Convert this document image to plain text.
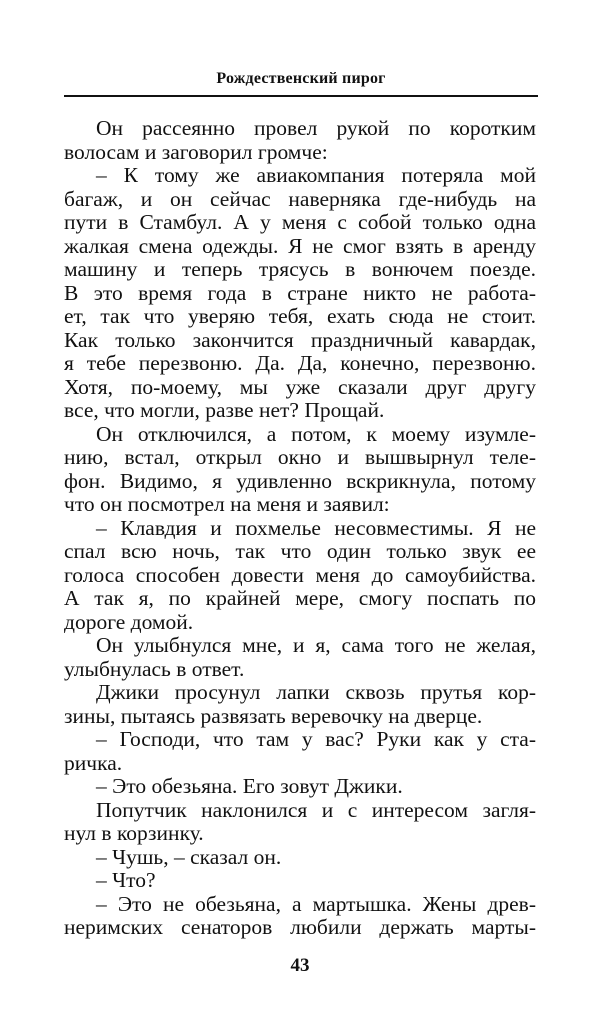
Рождественский пирог
Он рассеянно провел рукой по коротким
волосам и заговорил громче:
– К тому же авиакомпания потеряла мой
багаж, и он сейчас наверняка где-нибудь на
пути в Стамбул. А у меня с собой только одна
жалкая смена одежды. Я не смог взять в аренду
машину и теперь трясусь в вонючем поезде.
В это время года в стране никто не работа-
ет, так что уверяю тебя, ехать сюда не стоит.
Как только закончится праздничный кавардак,
я тебе перезвоню. Да. Да, конечно, перезвоню.
Хотя, по-моему, мы уже сказали друг другу
все, что могли, разве нет? Прощай.
Он отключился, а потом, к моему изумле-
нию, встал, открыл окно и вышвырнул теле-
фон. Видимо, я удивленно вскрикнула, потому
что он посмотрел на меня и заявил:
– Клавдия и похмелье несовместимы. Я не
спал всю ночь, так что один только звук ее
голоса способен довести меня до самоубийства.
А так я, по крайней мере, смогу поспать по
дороге домой.
Он улыбнулся мне, и я, сама того не желая,
улыбнулась в ответ.
Джики просунул лапки сквозь прутья кор-
зины, пытаясь развязать веревочку на дверце.
– Господи, что там у вас? Руки как у ста-
ричка.
– Это обезьяна. Его зовут Джики.
Попутчик наклонился и с интересом загля-
нул в корзинку.
– Чушь, – сказал он.
– Что?
– Это не обезьяна, а мартышка. Жены древ-
неримских сенаторов любили держать марты-
43
